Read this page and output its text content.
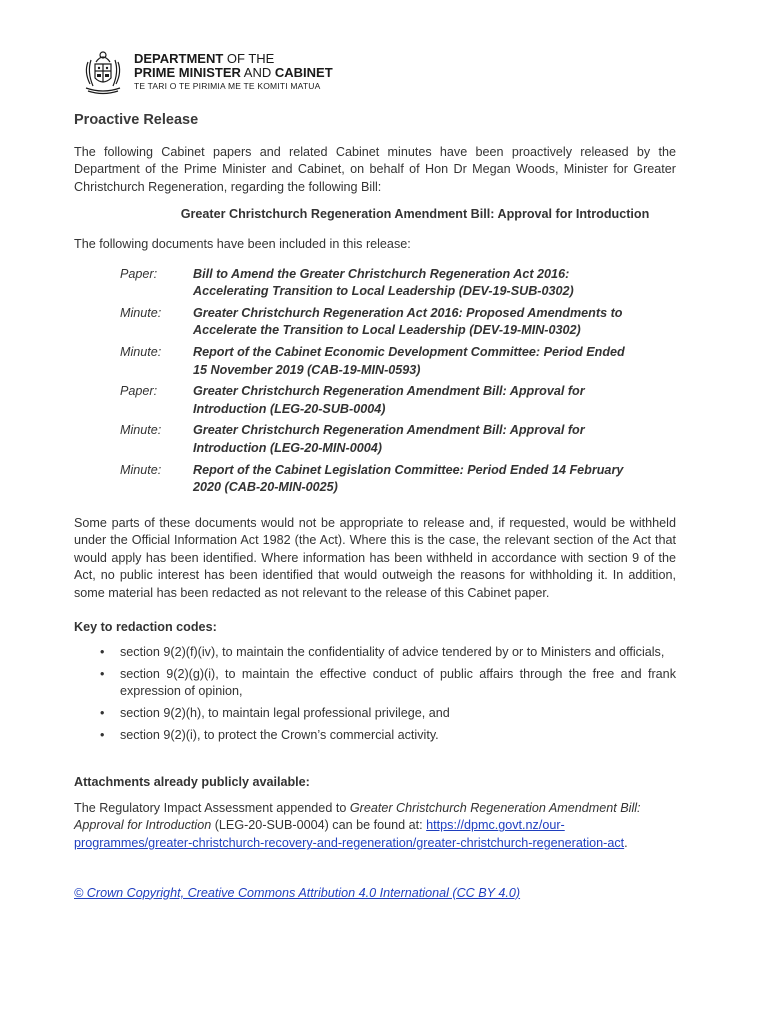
DEPARTMENT OF THE
PRIME MINISTER AND CABINET
TE TARI O TE PIRIMIA ME TE KOMITI MATUA
Proactive Release

The following Cabinet papers and related Cabinet minutes have been proactively released by the Department of the Prime Minister and Cabinet, on behalf of Hon Dr Megan Woods, Minister for Greater Christchurch Regeneration, regarding the following Bill:

Greater Christchurch Regeneration Amendment Bill: Approval for Introduction

The following documents have been included in this release:

Paper:	Bill to Amend the Greater Christchurch Regeneration Act 2016: Accelerating Transition to Local Leadership (DEV-19-SUB-0302)
Minute:	Greater Christchurch Regeneration Act 2016: Proposed Amendments to Accelerate the Transition to Local Leadership (DEV-19-MIN-0302)
Minute:	Report of the Cabinet Economic Development Committee: Period Ended 15 November 2019 (CAB-19-MIN-0593)
Paper:	Greater Christchurch Regeneration Amendment Bill: Approval for Introduction (LEG-20-SUB-0004)
Minute:	Greater Christchurch Regeneration Amendment Bill: Approval for Introduction (LEG-20-MIN-0004)
Minute:	Report of the Cabinet Legislation Committee: Period Ended 14 February 2020 (CAB-20-MIN-0025)

Some parts of these documents would not be appropriate to release and, if requested, would be withheld under the Official Information Act 1982 (the Act). Where this is the case, the relevant section of the Act that would apply has been identified. Where information has been withheld in accordance with section 9 of the Act, no public interest has been identified that would outweigh the reasons for withholding it. In addition, some material has been redacted as not relevant to the release of this Cabinet paper.

Key to redaction codes:
• section 9(2)(f)(iv), to maintain the confidentiality of advice tendered by or to Ministers and officials,
• section 9(2)(g)(i), to maintain the effective conduct of public affairs through the free and frank expression of opinion,
• section 9(2)(h), to maintain legal professional privilege, and
• section 9(2)(i), to protect the Crown’s commercial activity.
Attachments already publicly available:

The Regulatory Impact Assessment appended to Greater Christchurch Regeneration Amendment Bill: Approval for Introduction (LEG-20-SUB-0004) can be found at: https://dpmc.govt.nz/our-programmes/greater-christchurch-recovery-and-regeneration/greater-christchurch-regeneration-act.

© Crown Copyright, Creative Commons Attribution 4.0 International (CC BY 4.0)
